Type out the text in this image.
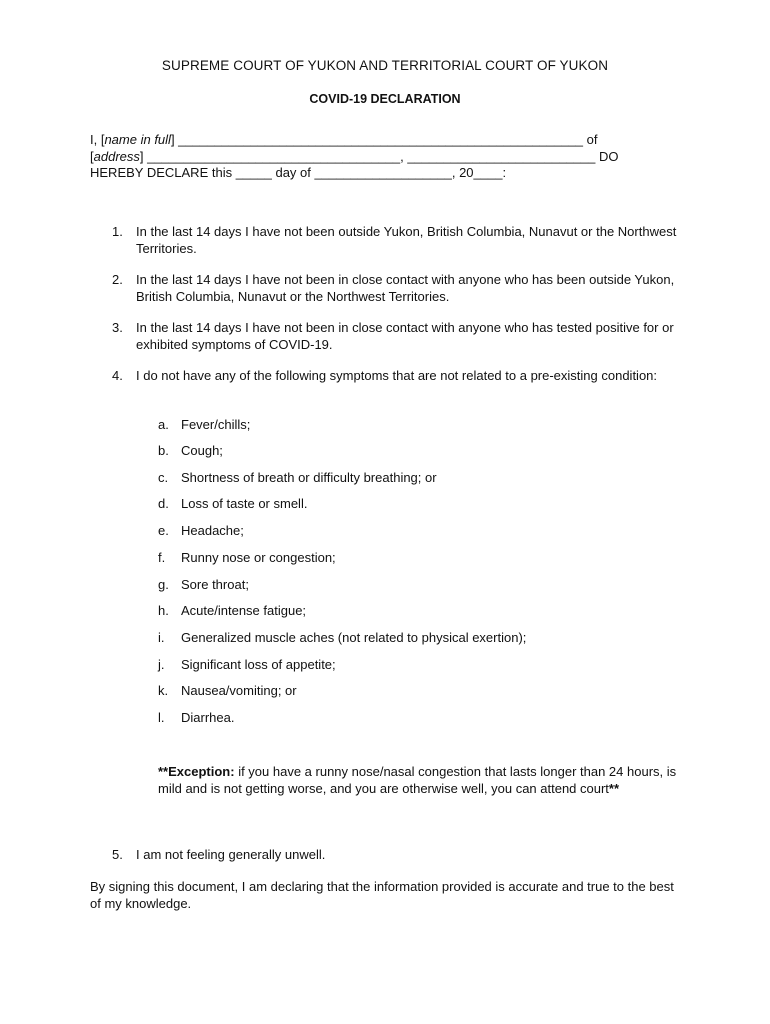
SUPREME COURT OF YUKON AND TERRITORIAL COURT OF YUKON
COVID-19 DECLARATION
I, [name in full] ________________________________________________________ of
[address] ___________________________________, __________________________ DO
HEREBY DECLARE this _____ day of ___________________, 20____:
1.	In the last 14 days I have not been outside Yukon, British Columbia, Nunavut or the Northwest Territories.
2.	In the last 14 days I have not been in close contact with anyone who has been outside Yukon, British Columbia, Nunavut or the Northwest Territories.
3.	In the last 14 days I have not been in close contact with anyone who has tested positive for or exhibited symptoms of COVID-19.
4.	I do not have any of the following symptoms that are not related to a pre-existing condition:
a. Fever/chills;
b. Cough;
c. Shortness of breath or difficulty breathing; or
d. Loss of taste or smell.
e. Headache;
f.	Runny nose or congestion;
g. Sore throat;
h. Acute/intense fatigue;
i.	Generalized muscle aches (not related to physical exertion);
j.	Significant loss of appetite;
k. Nausea/vomiting; or
l.	Diarrhea.
**Exception: if you have a runny nose/nasal congestion that lasts longer than 24 hours, is mild and is not getting worse, and you are otherwise well, you can attend court**
5.	I am not feeling generally unwell.
By signing this document, I am declaring that the information provided is accurate and true to the best of my knowledge.
